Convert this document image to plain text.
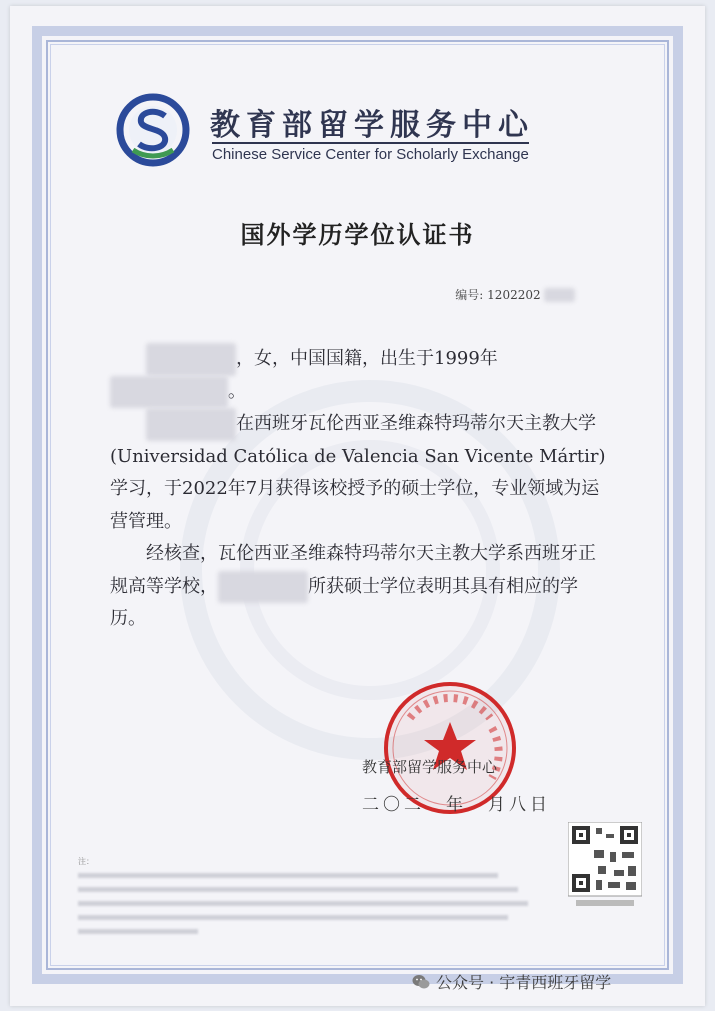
教育部留学服务中心
Chinese Service Center for Scholarly Exchange
国外学历学位认证书
编号: 1202202

，女，中国国籍，出生于1999年。

在西班牙瓦伦西亚圣维森特玛蒂尔天主教大学(Universidad Católica de Valencia San Vicente Mártir)学习，于2022年7月获得该校授予的硕士学位，专业领域为运营管理。

经核查，瓦伦西亚圣维森特玛蒂尔天主教大学系西班牙正规高等学校，	所获硕士学位表明其具有相应的学历。

教育部留学服务中心
二〇二　年　月八日

注：

公众号 · 宇青西班牙留学
